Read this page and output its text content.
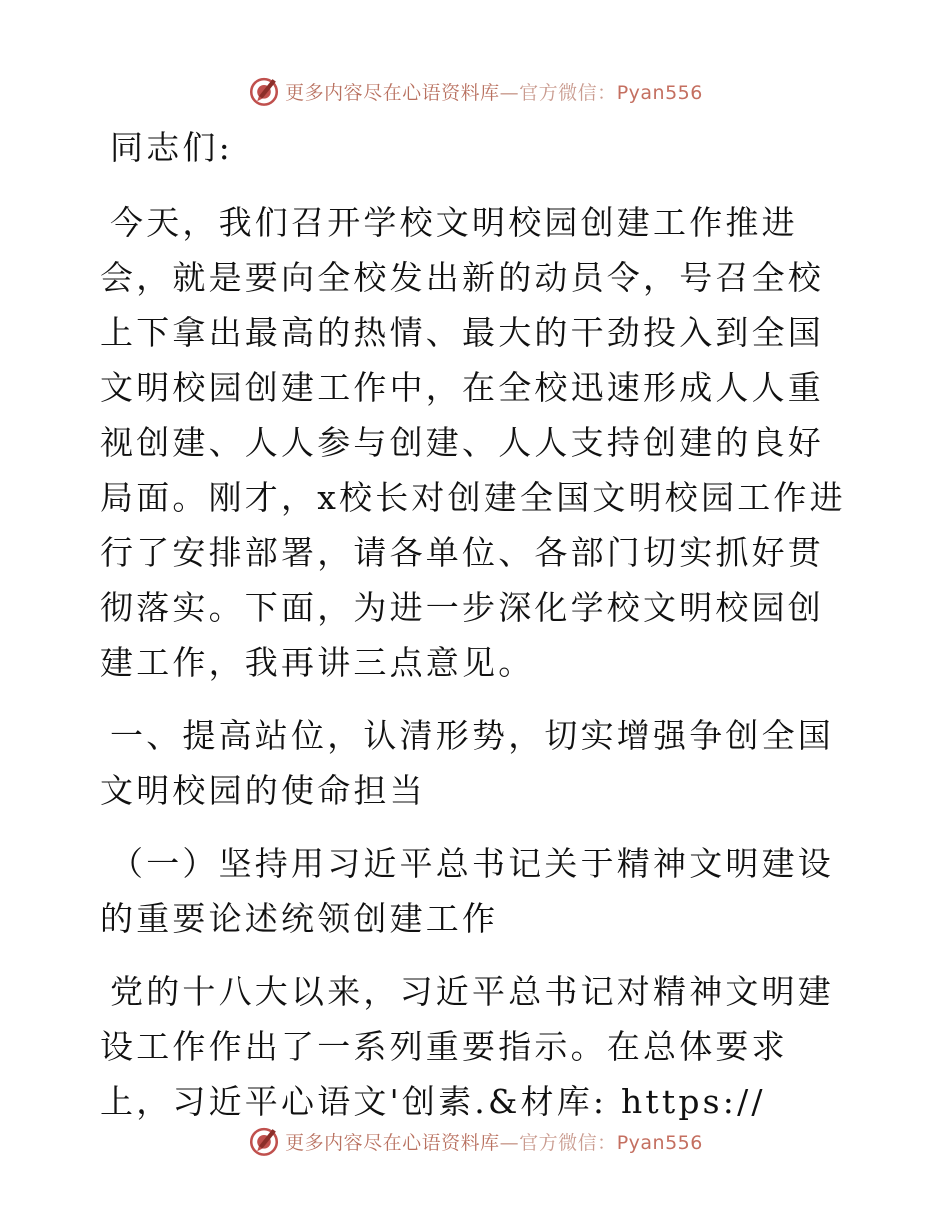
更多内容尽在心语资料库—官方微信：Pyan556

同志们:

今天，我们召开学校文明校园创建工作推进会，就是要向全校发出新的动员令，号召全校上下拿出最高的热情、最大的干劲投入到全国文明校园创建工作中，在全校迅速形成人人重视创建、人人参与创建、人人支持创建的良好局面。刚才，x校长对创建全国文明校园工作进行了安排部署，请各单位、各部门切实抓好贯彻落实。下面，为进一步深化学校文明校园创建工作，我再讲三点意见。

一、提高站位，认清形势，切实增强争创全国文明校园的使命担当

（一）坚持用习近平总书记关于精神文明建设的重要论述统领创建工作

党的十八大以来，习近平总书记对精神文明建设工作作出了一系列重要指示。在总体要求上，习近平心语文'创素.&材库: https://

更多内容尽在心语资料库—官方微信：Pyan556
